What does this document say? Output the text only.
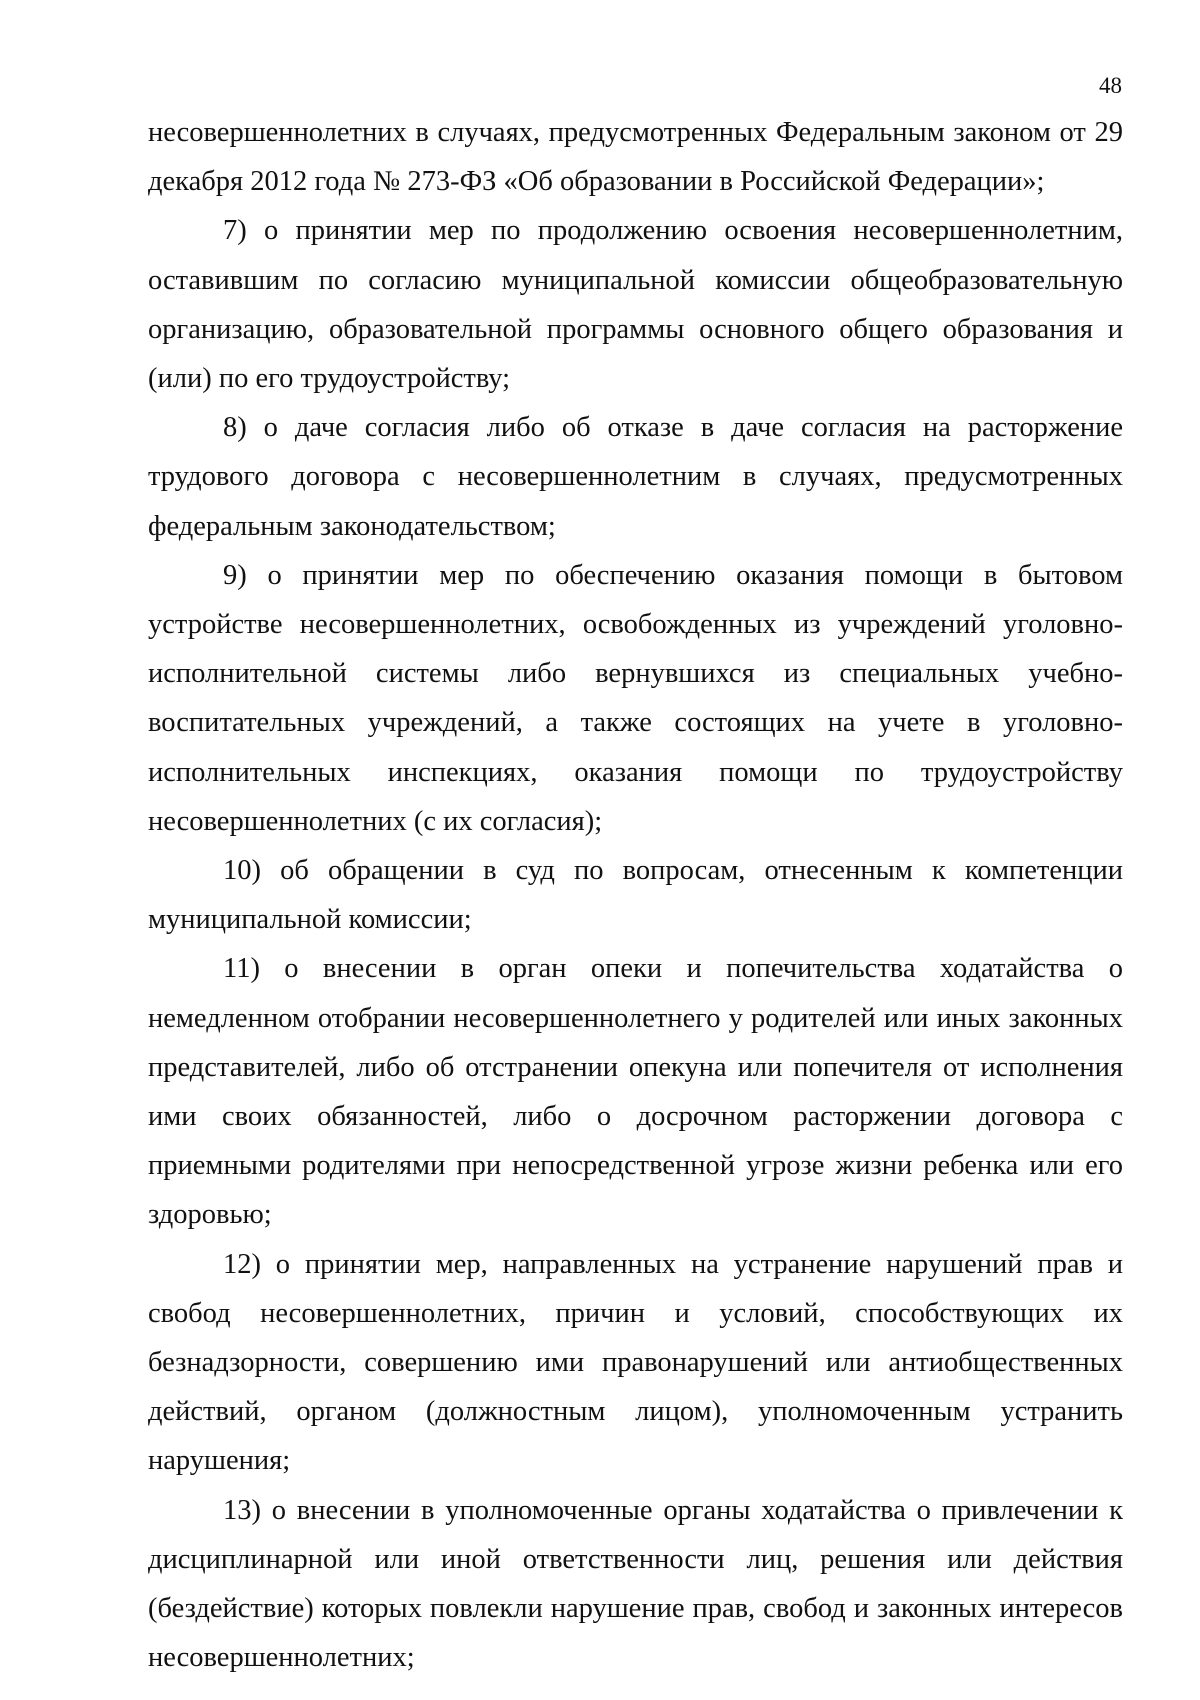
48

несовершеннолетних в случаях, предусмотренных Федеральным законом от 29 декабря 2012 года № 273-ФЗ «Об образовании в Российской Федерации»;

7) о принятии мер по продолжению освоения несовершеннолетним, оставившим по согласию муниципальной комиссии общеобразовательную организацию, образовательной программы основного общего образования и (или) по его трудоустройству;

8) о даче согласия либо об отказе в даче согласия на расторжение трудового договора с несовершеннолетним в случаях, предусмотренных федеральным законодательством;

9) о принятии мер по обеспечению оказания помощи в бытовом устройстве несовершеннолетних, освобожденных из учреждений уголовно-исполнительной системы либо вернувшихся из специальных учебно-воспитательных учреждений, а также состоящих на учете в уголовно-исполнительных инспекциях, оказания помощи по трудоустройству несовершеннолетних (с их согласия);

10) об обращении в суд по вопросам, отнесенным к компетенции муниципальной комиссии;

11) о внесении в орган опеки и попечительства ходатайства о немедленном отобрании несовершеннолетнего у родителей или иных законных представителей, либо об отстранении опекуна или попечителя от исполнения ими своих обязанностей, либо о досрочном расторжении договора с приемными родителями при непосредственной угрозе жизни ребенка или его здоровью;

12) о принятии мер, направленных на устранение нарушений прав и свобод несовершеннолетних, причин и условий, способствующих их безнадзорности, совершению ими правонарушений или антиобщественных действий, органом (должностным лицом), уполномоченным устранить нарушения;

13) о внесении в уполномоченные органы ходатайства о привлечении к дисциплинарной или иной ответственности лиц, решения или действия (бездействие) которых повлекли нарушение прав, свобод и законных интересов несовершеннолетних;
